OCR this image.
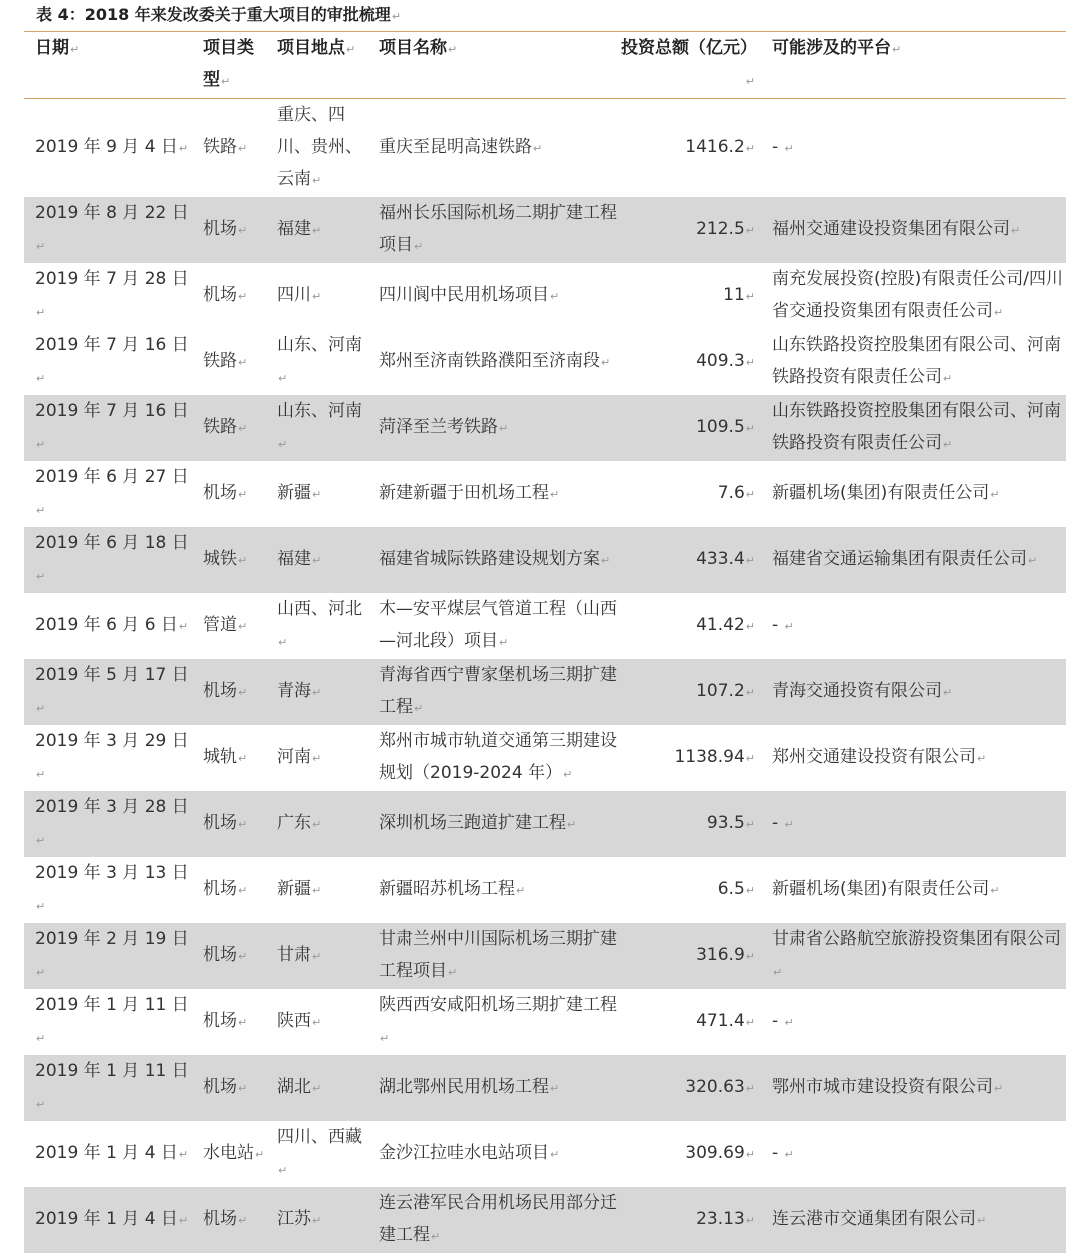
表 4：2018 年来发改委关于重大项目的审批梳理↵
日期↵	项目类型↵	项目地点↵	项目名称↵	投资总额（亿元）↵	可能涉及的平台↵

2019 年 9 月 4 日↵	铁路↵	重庆、四川、贵州、云南↵	重庆至昆明高速铁路↵	1416.2↵	- ↵

2019 年 8 月 22 日↵	机场↵	福建↵	福州长乐国际机场二期扩建工程项目↵	212.5↵	福州交通建设投资集团有限公司↵

2019 年 7 月 28 日↵	机场↵	四川↵	四川阆中民用机场项目↵	11↵	南充发展投资(控股)有限责任公司/四川省交通投资集团有限责任公司↵

2019 年 7 月 16 日↵	铁路↵	山东、河南↵	郑州至济南铁路濮阳至济南段↵	409.3↵	山东铁路投资控股集团有限公司、河南铁路投资有限责任公司↵

2019 年 7 月 16 日↵	铁路↵	山东、河南↵	菏泽至兰考铁路↵	109.5↵	山东铁路投资控股集团有限公司、河南铁路投资有限责任公司↵

2019 年 6 月 27 日↵	机场↵	新疆↵	新建新疆于田机场工程↵	7.6↵	新疆机场(集团)有限责任公司↵

2019 年 6 月 18 日↵	城铁↵	福建↵	福建省城际铁路建设规划方案↵	433.4↵	福建省交通运输集团有限责任公司↵

2019 年 6 月 6 日↵	管道↵	山西、河北↵	木—安平煤层气管道工程（山西—河北段）项目↵	41.42↵	- ↵

2019 年 5 月 17 日↵	机场↵	青海↵	青海省西宁曹家堡机场三期扩建工程↵	107.2↵	青海交通投资有限公司↵

2019 年 3 月 29 日↵	城轨↵	河南↵	郑州市城市轨道交通第三期建设规划（2019-2024 年）↵	1138.94↵	郑州交通建设投资有限公司↵

2019 年 3 月 28 日↵	机场↵	广东↵	深圳机场三跑道扩建工程↵	93.5↵	- ↵

2019 年 3 月 13 日↵	机场↵	新疆↵	新疆昭苏机场工程↵	6.5↵	新疆机场(集团)有限责任公司↵

2019 年 2 月 19 日↵	机场↵	甘肃↵	甘肃兰州中川国际机场三期扩建工程项目↵	316.9↵	甘肃省公路航空旅游投资集团有限公司↵

2019 年 1 月 11 日↵	机场↵	陕西↵	陕西西安咸阳机场三期扩建工程↵	471.4↵	- ↵

2019 年 1 月 11 日↵	机场↵	湖北↵	湖北鄂州民用机场工程↵	320.63↵	鄂州市城市建设投资有限公司↵

2019 年 1 月 4 日↵	水电站↵	四川、西藏↵	金沙江拉哇水电站项目↵	309.69↵	- ↵

2019 年 1 月 4 日↵	机场↵	江苏↵	连云港军民合用机场民用部分迁建工程↵	23.13↵	连云港市交通集团有限公司↵
